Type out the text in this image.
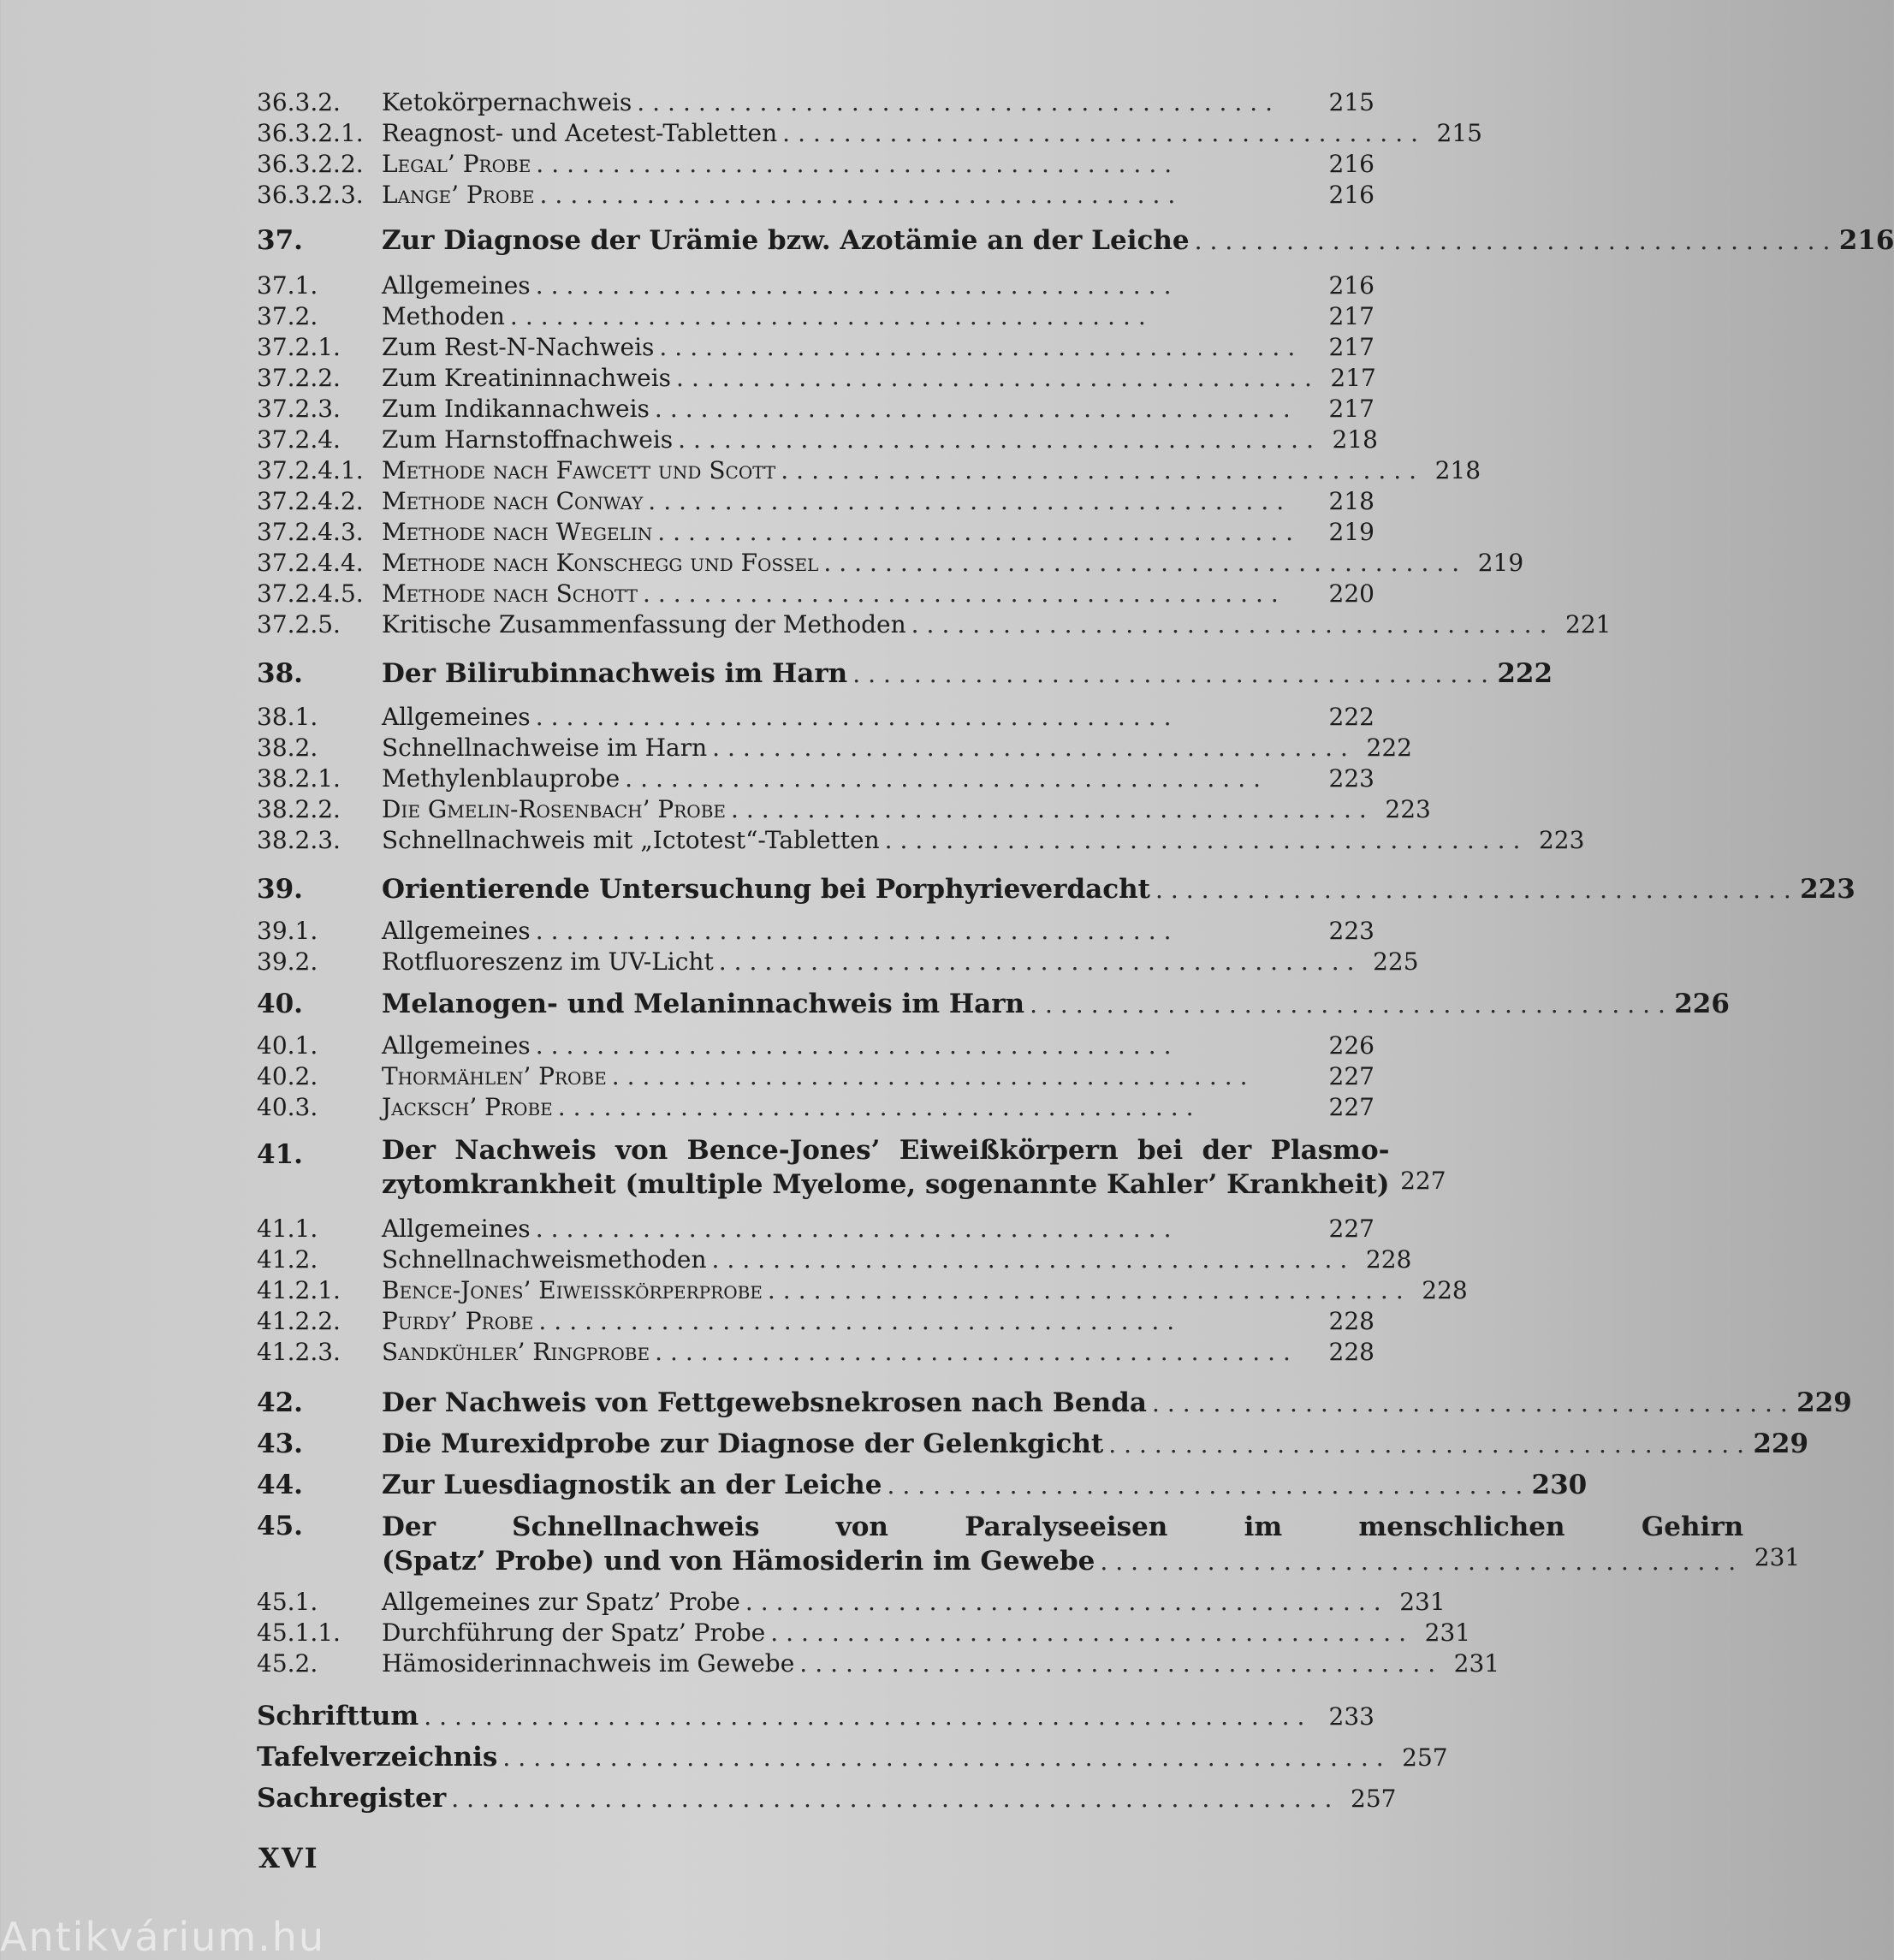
36.3.2.	Ketokörpernachweis ..........................................	215
36.3.2.1. Reagnost- und Acetest-Tabletten .......................................... 215
36.3.2.2. Legal’ Probe ..........................................	216
36.3.2.3. Lange’ Probe ..........................................	216
37.	Zur Diagnose der Urämie bzw. Azotämie an der Leiche .......................................... 216
37.1.	Allgemeines ..........................................	216
37.2.	Methoden ..........................................	217
37.2.1.	Zum Rest-N-Nachweis ..........................................	217
37.2.2.	Zum Kreatininnachweis .......................................... 217
37.2.3.	Zum Indikannachweis ..........................................	217
37.2.4.	Zum Harnstoffnachweis .......................................... 218
37.2.4.1. Methode nach Fawcett und Scott .......................................... 218
37.2.4.2. Methode nach Conway ..........................................	218
37.2.4.3. Methode nach Wegelin ..........................................	219
37.2.4.4. Methode nach Konschegg und Fossel .......................................... 219
37.2.4.5. Methode nach Schott ..........................................	220
37.2.5.	Kritische Zusammenfassung der Methoden .......................................... 221
38.	Der Bilirubinnachweis im Harn .......................................... 222
38.1.	Allgemeines ..........................................	222
38.2.	Schnellnachweise im Harn .......................................... 222
38.2.1.	Methylenblauprobe ..........................................	223
38.2.2.	Die Gmelin-Rosenbach’ Probe .......................................... 223
38.2.3.	Schnellnachweis mit „Ictotest“-Tabletten .......................................... 223
39.	Orientierende Untersuchung bei Porphyrieverdacht .......................................... 223
39.1.	Allgemeines ..........................................	223
39.2.	Rotfluoreszenz im UV-Licht .......................................... 225
40.	Melanogen- und Melaninnachweis im Harn .......................................... 226
40.1.	Allgemeines ..........................................	226
40.2.	Thormählen’ Probe ..........................................	227
40.3.	Jacksch’ Probe ..........................................	227
41.	Der Nachweis von Bence-Jones’ Eiweißkörpern bei der Plasmo-
zytomkrankheit (multiple Myelome, sogenannte Kahler’ Krankheit) 227
41.1.	Allgemeines ..........................................	227
41.2.	Schnellnachweismethoden .......................................... 228
41.2.1.	Bence-Jones’ Eiweißkörperprobe .......................................... 228
41.2.2.	Purdy’ Probe ..........................................	228
41.2.3.	Sandkühler’ Ringprobe ..........................................	228
42.	Der Nachweis von Fettgewebsnekrosen nach Benda .......................................... 229
43.	Die Murexidprobe zur Diagnose der Gelenkgicht .......................................... 229
44.	Zur Luesdiagnostik an der Leiche .......................................... 230
45.	Der Schnellnachweis von Paralyseeisen im menschlichen Gehirn
(Spatz’ Probe) und von Hämosiderin im Gewebe .......................................... 231
45.1.	Allgemeines zur Spatz’ Probe .......................................... 231
45.1.1.	Durchführung der Spatz’ Probe .......................................... 231
45.2.	Hämosiderinnachweis im Gewebe .......................................... 231
Schrifttum .......................................................... 233
Tafelverzeichnis .......................................................... 257
Sachregister .......................................................... 257
XVI
Antikvárium.hu
